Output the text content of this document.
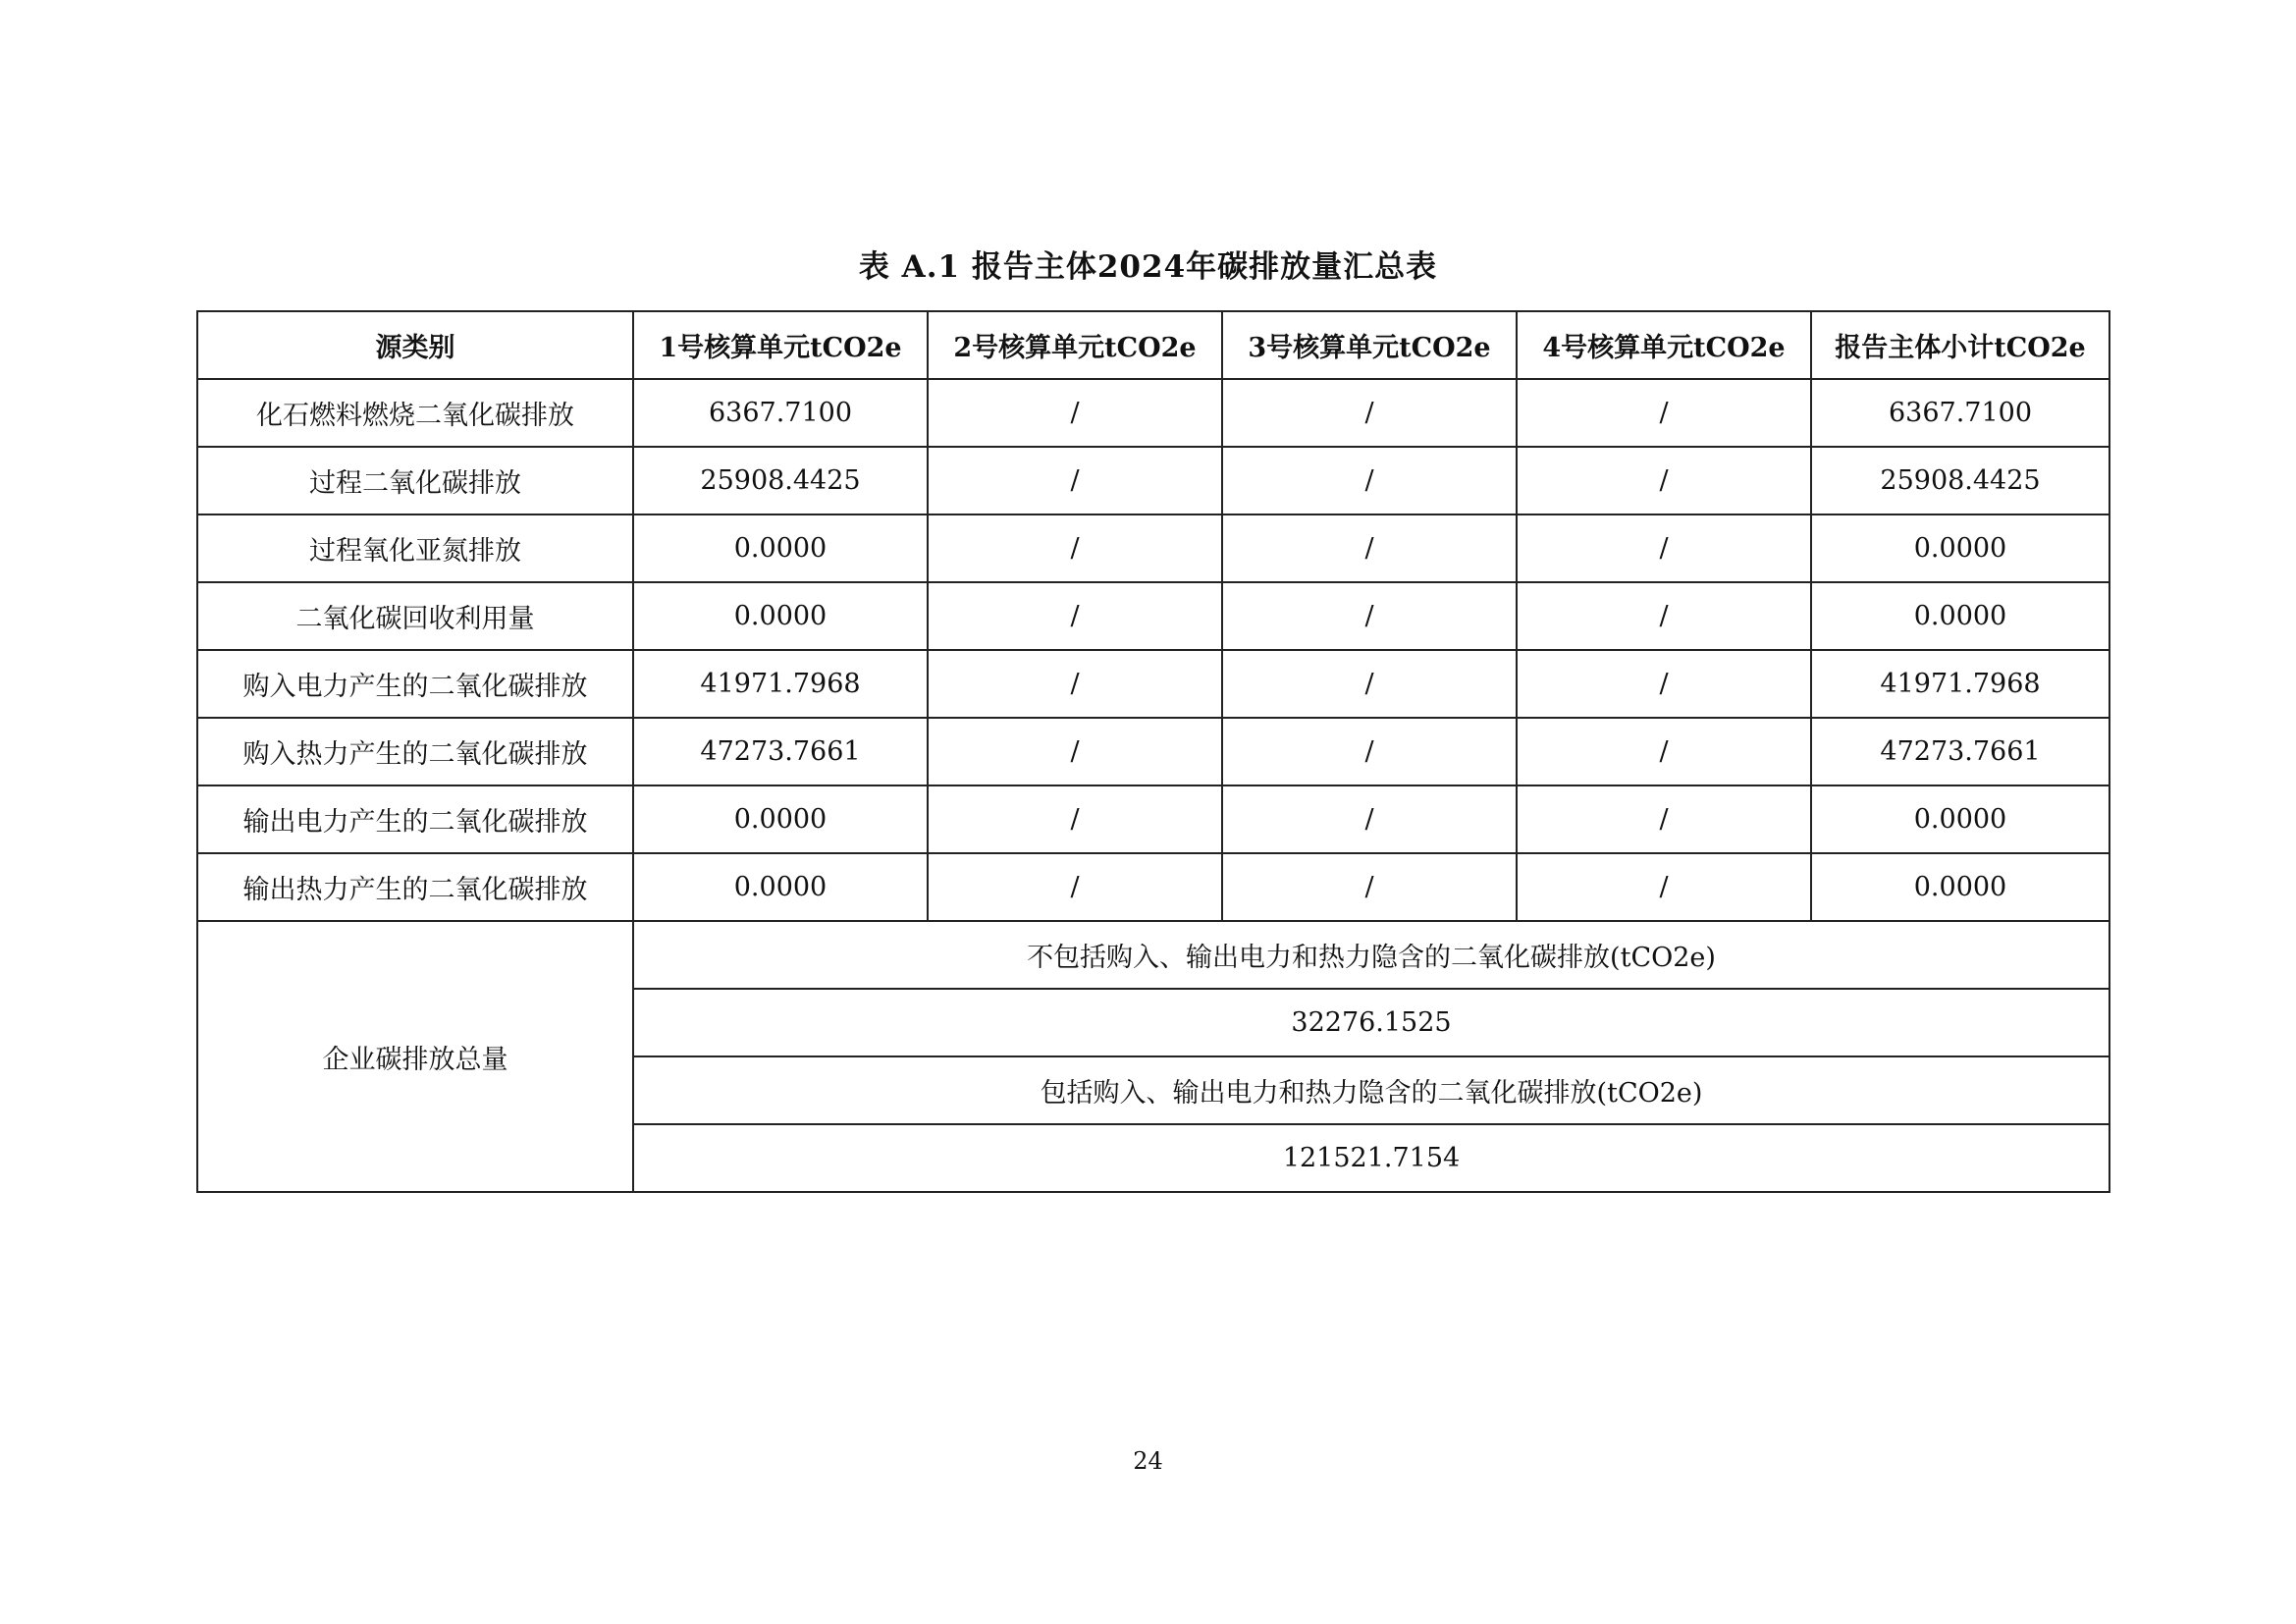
表 A.1 报告主体2024年碳排放量汇总表
源类别	1号核算单元tCO2e	2号核算单元tCO2e	3号核算单元tCO2e	4号核算单元tCO2e	报告主体小计tCO2e
化石燃料燃烧二氧化碳排放	6367.7100	/	/	/	6367.7100
过程二氧化碳排放	25908.4425	/	/	/	25908.4425
过程氧化亚氮排放	0.0000	/	/	/	0.0000
二氧化碳回收利用量	0.0000	/	/	/	0.0000
购入电力产生的二氧化碳排放	41971.7968	/	/	/	41971.7968
购入热力产生的二氧化碳排放	47273.7661	/	/	/	47273.7661
输出电力产生的二氧化碳排放	0.0000	/	/	/	0.0000
输出热力产生的二氧化碳排放	0.0000	/	/	/	0.0000
企业碳排放总量	不包括购入、输出电力和热力隐含的二氧化碳排放(tCO2e)				
	32276.1525				
	包括购入、输出电力和热力隐含的二氧化碳排放(tCO2e)				
	121521.7154				
24
